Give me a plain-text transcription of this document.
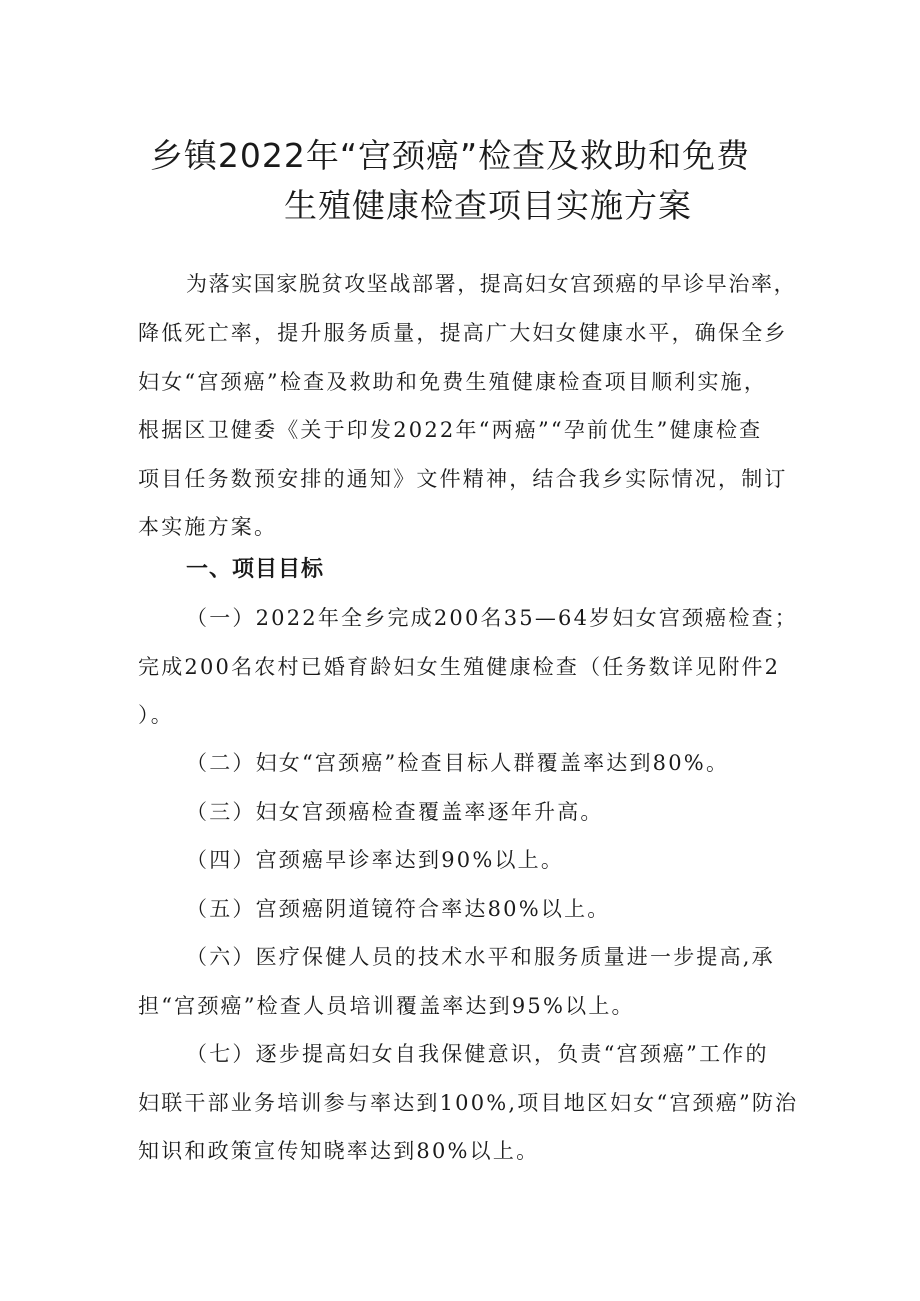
乡镇2022年“宫颈癌”检查及救助和免费
生殖健康检查项目实施方案
为落实国家脱贫攻坚战部署，提高妇女宫颈癌的早诊早治率，
降低死亡率，提升服务质量，提高广大妇女健康水平，确保全乡
妇女“宫颈癌”检查及救助和免费生殖健康检查项目顺利实施，
根据区卫健委《关于印发2022年“两癌”“孕前优生”健康检查
项目任务数预安排的通知》文件精神，结合我乡实际情况，制订
本实施方案。
一、项目目标
（一）2022年全乡完成200名35—64岁妇女宫颈癌检查；
完成200名农村已婚育龄妇女生殖健康检查（任务数详见附件2
）。
（二）妇女“宫颈癌”检查目标人群覆盖率达到80%。
（三）妇女宫颈癌检查覆盖率逐年升高。
（四）宫颈癌早诊率达到90%以上。
（五）宫颈癌阴道镜符合率达80%以上。
（六）医疗保健人员的技术水平和服务质量进一步提高,承
担“宫颈癌”检查人员培训覆盖率达到95%以上。
（七）逐步提高妇女自我保健意识，负责“宫颈癌”工作的
妇联干部业务培训参与率达到100%,项目地区妇女“宫颈癌”防治
知识和政策宣传知晓率达到80%以上。
